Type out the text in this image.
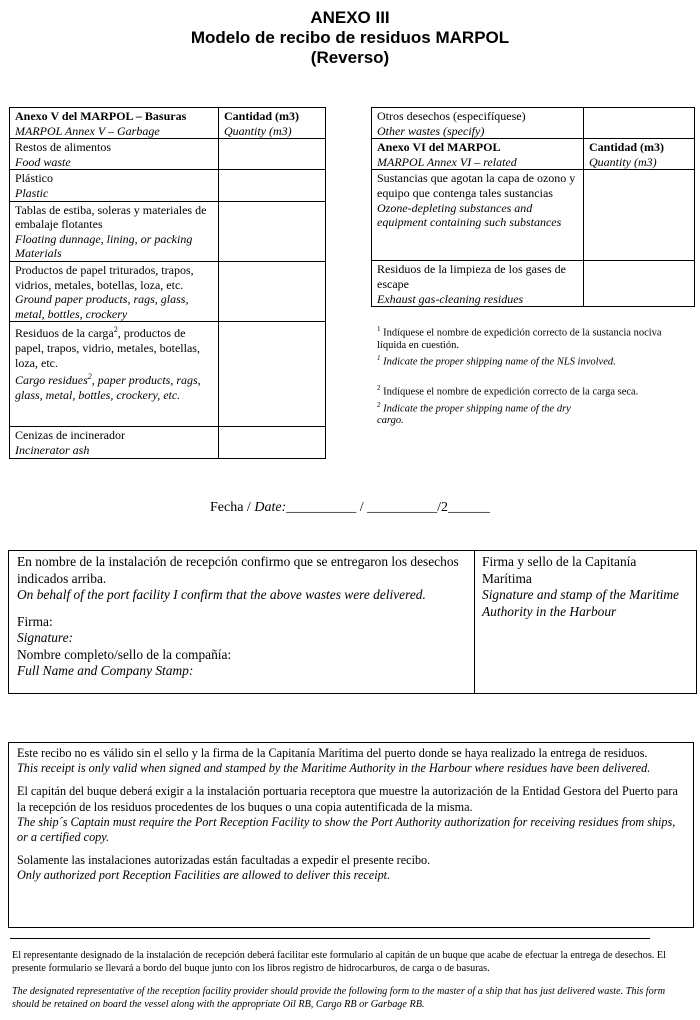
ANEXO III
Modelo de recibo de residuos MARPOL
(Reverso)
Anexo V del MARPOL – Basuras
MARPOL Annex V – Garbage	Cantidad (m3)
Quantity (m3)

Restos de alimentos
Food waste	

Plástico
Plastic	

Tablas de estiba, soleras y materiales de embalaje flotantes
Floating dunnage, lining, or packing Materials	

Productos de papel triturados, trapos, vidrios, metales, botellas, loza, etc.
Ground paper products, rags, glass, metal, bottles, crockery	

Residuos de la carga$^2$, productos de papel, trapos, vidrio, metales, botellas,
loza, etc.
Cargo residues$^2$, paper products, rags, glass, metal, bottles, crockery, etc.	

Cenizas de incinerador
Incinerator ash	

Otros desechos (especifíquese)
Other wastes (specify)	

Anexo VI del MARPOL
MARPOL Annex VI – related	Cantidad (m3)
Quantity (m3)

Sustancias que agotan la capa de ozono y equipo que contenga tales sustancias
Ozone-depleting substances and equipment containing such substances	

Residuos de la limpieza de los gases de escape
Exhaust gas-cleaning residues	

$^1$ Indíquese el nombre de expedición correcto de la sustancia nociva líquida en cuestión.
$^1$ Indicate the proper shipping name of the NLS involved.
$^2$ Indíquese el nombre de expedición correcto de la carga seca.
$^2$ Indicate the proper shipping name of the dry cargo.
Fecha / Date:__________ / __________/2______
En nombre de la instalación de recepción confirmo que se entregaron los desechos indicados arriba.
On behalf of the port facility I confirm that the above wastes were delivered.
Firma:
Signature:
Nombre completo/sello de la compañía:
Full Name and Company Stamp:
Firma y sello de la Capitanía Marítima
Signature and stamp of the Maritime Authority in the Harbour
Este recibo no es válido sin el sello y la firma de la Capitanía Marítima del puerto donde se haya realizado la entrega de residuos.
This receipt is only valid when signed and stamped by the Maritime Authority in the Harbour where residues have been delivered.
El capitán del buque deberá exigir a la instalación portuaria receptora que muestre la autorización de la Entidad Gestora del Puerto para la recepción de los residuos procedentes de los buques o una copia autentificada de la misma.
The ship´s Captain must require the Port Reception Facility to show the Port Authority authorization for receiving residues from ships, or a certified copy.
Solamente las instalaciones autorizadas están facultadas a expedir el presente recibo.
Only authorized port Reception Facilities are allowed to deliver this receipt.
El representante designado de la instalación de recepción deberá facilitar este formulario al capitán de un buque que acabe de efectuar la entrega de desechos. El presente formulario se llevará a bordo del buque junto con los libros registro de hidrocarburos, de carga o de basuras.
The designated representative of the reception facility provider should provide the following form to the master of a ship that has just delivered waste. This form should be retained on board the vessel along with the appropriate Oil RB, Cargo RB or Garbage RB.
